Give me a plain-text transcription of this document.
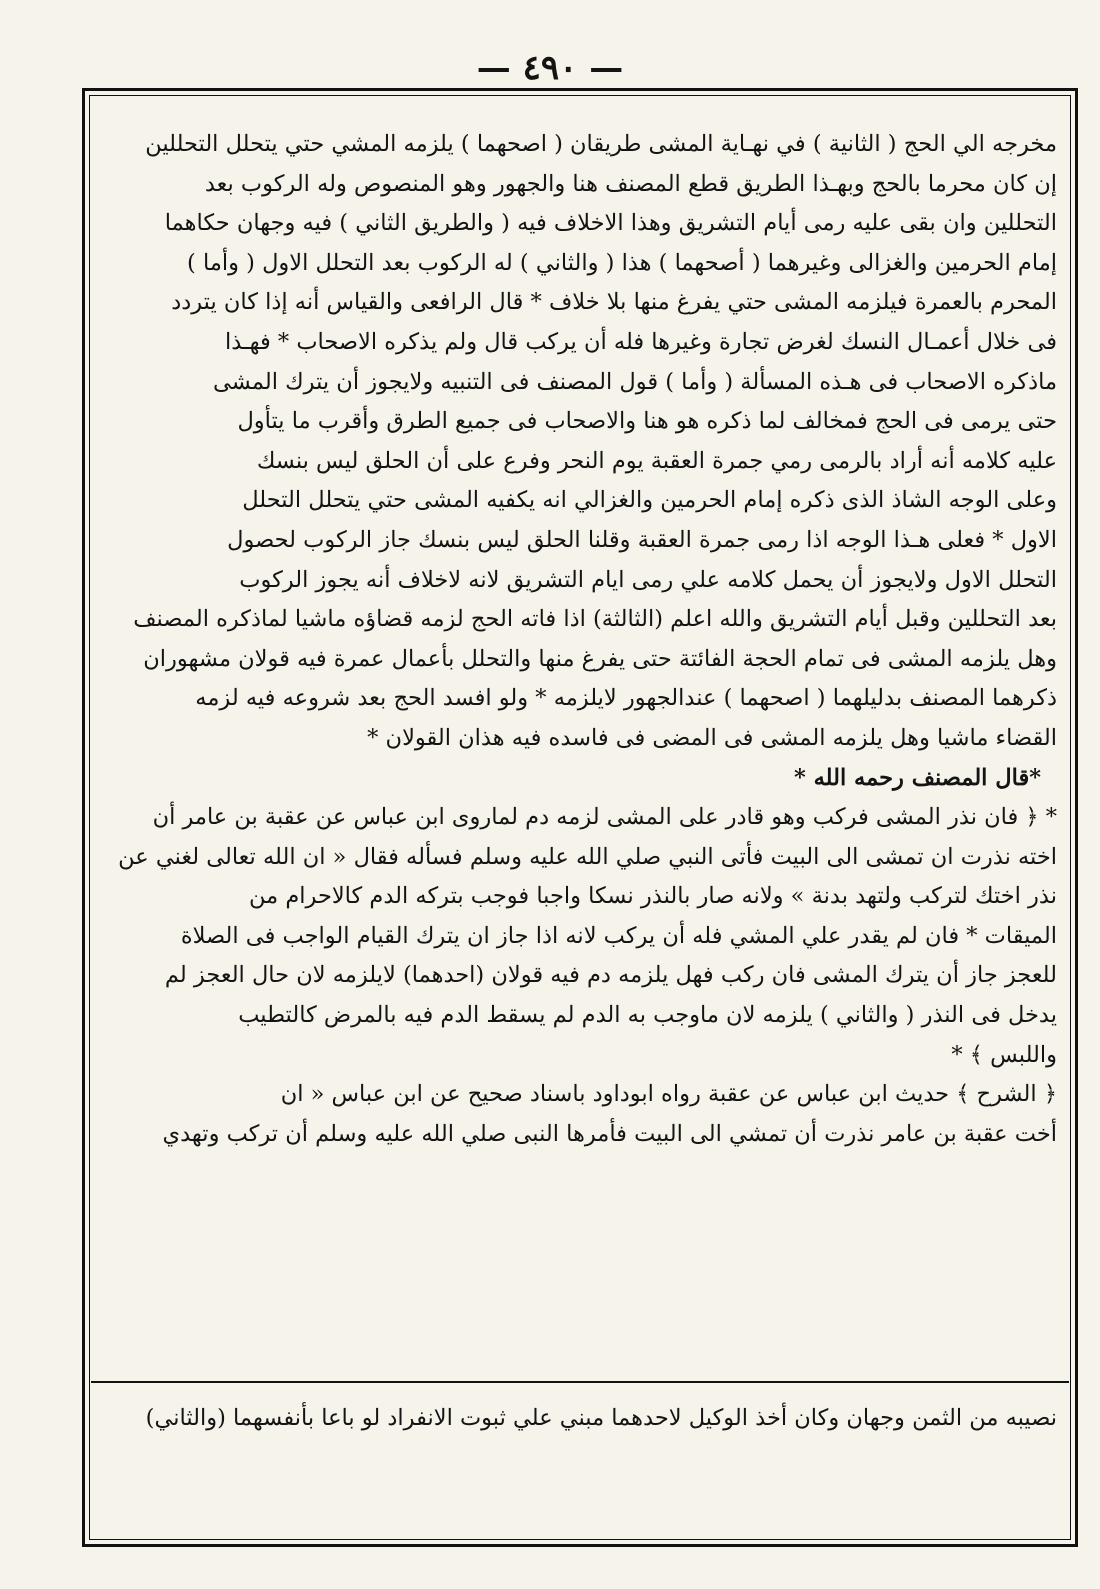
— ٤٩٠ —
مخرجه الي الحج ( الثانية ) في نهـاية المشى طريقان ( اصحهما ) يلزمه المشي حتي يتحلل التحللين
إن كان محرما بالحج وبهـذا الطريق قطع المصنف هنا والجهور وهو المنصوص وله الركوب بعد
التحللين وان بقى عليه رمى أيام التشريق وهذا الاخلاف فيه ( والطريق الثاني ) فيه وجهان حكاهما
إمام الحرمين والغزالى وغيرهما ( أصحهما ) هذا ( والثاني ) له الركوب بعد التحلل الاول ( وأما )
المحرم بالعمرة فيلزمه المشى حتي يفرغ منها بلا خلاف * قال الرافعى والقياس أنه إذا كان يتردد
فى خلال أعمـال النسك لغرض تجارة وغيرها فله أن يركب قال ولم يذكره الاصحاب * فهـذا
ماذكره الاصحاب فى هـذه المسألة ( وأما ) قول المصنف فى التنبيه ولايجوز أن يترك المشى
حتى يرمى فى الحج فمخالف لما ذكره هو هنا والاصحاب فى جميع الطرق وأقرب ما يتأول
عليه كلامه أنه أراد بالرمى رمي جمرة العقبة يوم النحر وفرع على أن الحلق ليس بنسك
وعلى الوجه الشاذ الذى ذكره إمام الحرمين والغزالي انه يكفيه المشى حتي يتحلل التحلل
الاول * فعلى هـذا الوجه اذا رمى جمرة العقبة وقلنا الحلق ليس بنسك جاز الركوب لحصول
التحلل الاول ولايجوز أن يحمل كلامه علي رمى ايام التشريق لانه لاخلاف أنه يجوز الركوب
بعد التحللين وقبل أيام التشريق والله اعلم (الثالثة) اذا فاته الحج لزمه قضاؤه ماشيا لماذكره المصنف
وهل يلزمه المشى فى تمام الحجة الفائتة حتى يفرغ منها والتحلل بأعمال عمرة فيه قولان مشهوران
ذكرهما المصنف بدليلهما ( اصحهما ) عندالجهور لايلزمه * ولو افسد الحج بعد شروعه فيه لزمه
القضاء ماشيا وهل يلزمه المشى فى المضى فى فاسده فيه هذان القولان *
*قال المصنف رحمه الله *
* ﴿ فان نذر المشى فركب وهو قادر على المشى لزمه دم لماروى ابن عباس عن عقبة بن عامر أن
اخته نذرت ان تمشى الى البيت فأتى النبي صلي الله عليه وسلم فسأله فقال « ان الله تعالى لغني عن
نذر اختك لتركب ولتهد بدنة » ولانه صار بالنذر نسكا واجبا فوجب بتركه الدم كالاحرام من
الميقات * فان لم يقدر علي المشي فله أن يركب لانه اذا جاز ان يترك القيام الواجب فى الصلاة
للعجز جاز أن يترك المشى فان ركب فهل يلزمه دم فيه قولان (احدهما) لايلزمه لان حال العجز لم
يدخل فى النذر ( والثاني ) يلزمه لان ماوجب به الدم لم يسقط الدم فيه بالمرض كالتطيب
واللبس ﴾ *
﴿ الشرح ﴾ حديث ابن عباس عن عقبة رواه ابوداود باسناد صحيح عن ابن عباس « ان
أخت عقبة بن عامر نذرت أن تمشي الى البيت فأمرها النبى صلي الله عليه وسلم أن تركب وتهدي
نصيبه من الثمن وجهان وكان أخذ الوكيل لاحدهما مبني علي ثبوت الانفراد لو باعا بأنفسهما (والثاني)
